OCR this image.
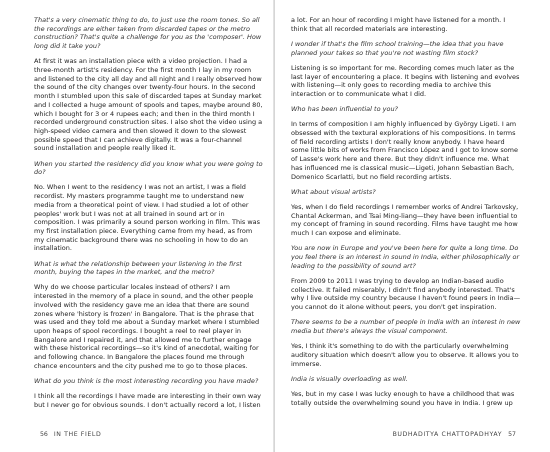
That's a very cinematic thing to do, to just use the room tones. So all the recordings are either taken from discarded tapes or the metro construction? That's quite a challenge for you as the 'composer'. How long did it take you?

At first it was an installation piece with a video projection. I had a three-month artist's residency. For the first month I lay in my room and listened to the city all day and all night and I really observed how the sound of the city changes over twenty-four hours. In the second month I stumbled upon this sale of discarded tapes at Sunday market and I collected a huge amount of spools and tapes, maybe around 80, which I bought for 3 or 4 rupees each; and then in the third month I recorded underground construction sites. I also shot the video using a high-speed video camera and then slowed it down to the slowest possible speed that I can achieve digitally. It was a four-channel sound installation and people really liked it.

When you started the residency did you know what you were going to do?

No. When I went to the residency I was not an artist, I was a field recordist. My masters programme taught me to understand new media from a theoretical point of view. I had studied a lot of other peoples' work but I was not at all trained in sound art or in composition. I was primarily a sound person working in film. This was my first installation piece. Everything came from my head, as from my cinematic background there was no schooling in how to do an installation.

What is what the relationship between your listening in the first month, buying the tapes in the market, and the metro?

Why do we choose particular locales instead of others? I am interested in the memory of a place in sound, and the other people involved with the residency gave me an idea that there are sound zones where 'history is frozen' in Bangalore. That is the phrase that was used and they told me about a Sunday market where I stumbled upon heaps of spool recordings. I bought a reel to reel player in Bangalore and I repaired it, and that allowed me to further engage with these historical recordings—so it's kind of anecdotal, waiting for and following chance. In Bangalore the places found me through chance encounters and the city pushed me to go to those places.

What do you think is the most interesting recording you have made?

I think all the recordings I have made are interesting in their own way but I never go for obvious sounds. I don't actually record a lot, I listen

56 IN THE FIELD

a lot. For an hour of recording I might have listened for a month. I think that all recorded materials are interesting.

I wonder if that's the film school training—the idea that you have planned your takes so that you're not wasting film stock?

Listening is so important for me. Recording comes much later as the last layer of encountering a place. It begins with listening and evolves with listening—it only goes to recording media to archive this interaction or to communicate what I did.

Who has been influential to you?

In terms of composition I am highly influenced by György Ligeti. I am obsessed with the textural explorations of his compositions. In terms of field recording artists I don't really know anybody. I have heard some little bits of works from Francisco López and I got to know some of Lasse's work here and there. But they didn't influence me. What has influenced me is classical music—Ligeti, Johann Sebastian Bach, Domenico Scarlatti, but no field recording artists.

What about visual artists?

Yes, when I do field recordings I remember works of Andrei Tarkovsky, Chantal Ackerman, and Tsai Ming-liang—they have been influential to my concept of framing in sound recording. Films have taught me how much I can expose and eliminate.

You are now in Europe and you've been here for quite a long time. Do you feel there is an interest in sound in India, either philosophically or leading to the possibility of sound art?

From 2009 to 2011 I was trying to develop an Indian-based audio collective. It failed miserably, I didn't find anybody interested. That's why I live outside my country because I haven't found peers in India—you cannot do it alone without peers, you don't get inspiration.

There seems to be a number of people in India with an interest in new media but there's always the visual component.

Yes, I think it's something to do with the particularly overwhelming auditory situation which doesn't allow you to observe. It allows you to immerse.

India is visually overloading as well.

Yes, but in my case I was lucky enough to have a childhood that was totally outside the overwhelming sound you have in India. I grew up

BUDHADITYA CHATTOPADHYAY 57
